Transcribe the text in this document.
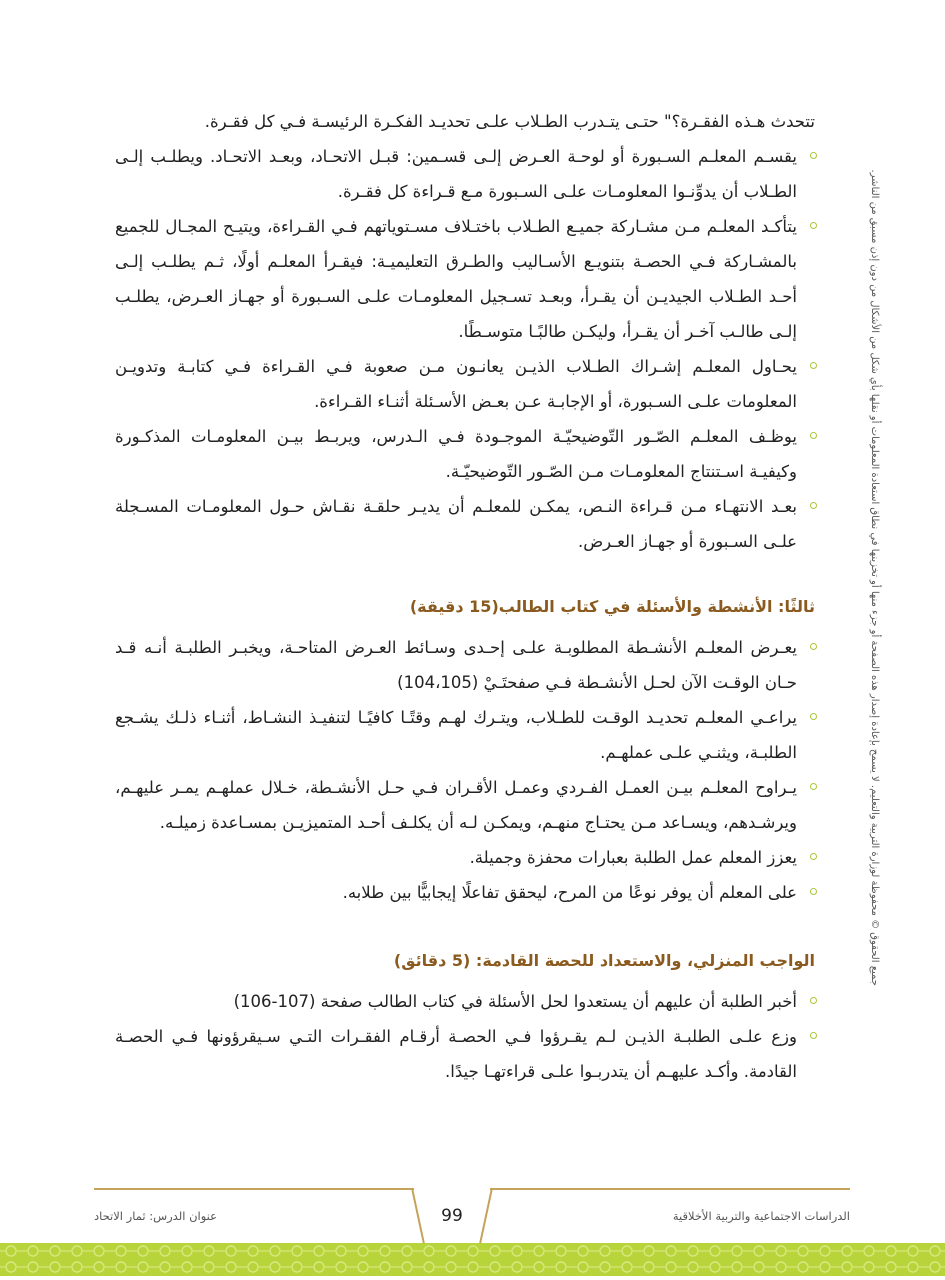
جميع الحقوق © محفوظة لوزارة التربية والتعليم. لا يسمح بإعادة إصدار هذه الصفحة أو جزء منها أو تخزينها في نطاق استعادة المعلومات أو نقلها بأي شكل من الأشكال من دون إذن مسبق من الناشر.

تتحدث هـذه الفقـرة؟" حتـى يتـدرب الطـلاب علـى تحديـد الفكـرة الرئيسـة فـي كل فقـرة.

يقسـم المعلـم السـبورة أو لوحـة العـرض إلـى قسـمين: قبـل الاتحـاد، وبعـد الاتحـاد. ويطلـب إلـى الطـلاب أن يدوِّنـوا المعلومـات علـى السـبورة مـع قـراءة كل فقـرة.

يتأكـد المعلـم مـن مشـاركة جميـع الطـلاب باختـلاف مسـتوياتهم فـي القـراءة، ويتيـح المجـال للجميع بالمشـاركة فـي الحصـة بتنويـع الأسـاليب والطـرق التعليميـة: فيقـرأ المعلـم أولًا، ثـم يطلـب إلـى أحـد الطـلاب الجيديـن أن يقـرأ، وبعـد تسـجيل المعلومـات علـى السـبورة أو جهـاز العـرض، يطلـب إلـى طالـب آخـر أن يقـرأ، وليكـن طالبًـا متوسـطًا.

يحـاول المعلـم إشـراك الطـلاب الذيـن يعانـون مـن صعوبة فـي القـراءة فـي كتابـة وتدويـن المعلومات علـى السـبورة، أو الإجابـة عـن بعـض الأسـئلة أثنـاء القـراءة.

يوظـف المعلـم الصّـور التّوضيحيّـة الموجـودة فـي الـدرس، ويربـط بيـن المعلومـات المذكـورة وكيفيـة اسـتنتاج المعلومـات مـن الصّـور التّوضيحيّـة.

بعـد الانتهـاء مـن قـراءة النـص، يمكـن للمعلـم أن يديـر حلقـة نقـاش حـول المعلومـات المسـجلة علـى السـبورة أو جهـاز العـرض.

ثالثًا: الأنشطة والأسئلة في كتاب الطالب(15 دقيقة)

يعـرض المعلـم الأنشـطة المطلوبـة علـى إحـدى وسـائط العـرض المتاحـة، ويخبـر الطلبـة أنـه قـد حـان الوقـت الآن لحـل الأنشـطة فـي صفحتَـيْ (104،105)

يراعـي المعلـم تحديـد الوقـت للطـلاب، ويتـرك لهـم وقتًـا كافيًـا لتنفيـذ النشـاط، أثنـاء ذلـك يشـجع الطلبـة، ويثنـي علـى عملهـم.

يـراوح المعلـم بيـن العمـل الفـردي وعمـل الأقـران فـي حـل الأنشـطة، خـلال عملهـم يمـر عليهـم، ويرشـدهم، ويسـاعد مـن يحتـاج منهـم، ويمكـن لـه أن يكلـف أحـد المتميزيـن بمسـاعدة زميلـه.

يعزز المعلم عمل الطلبة بعبارات محفزة وجميلة.

على المعلم أن يوفر نوعًا من المرح، ليحقق تفاعلًا إيجابيًّا بين طلابه.

الواجب المنزلي، والاستعداد للحصة القادمة: (5 دقائق)

أخبر الطلبة أن عليهم أن يستعدوا لحل الأسئلة في كتاب الطالب صفحة (107-106)

وزع علـى الطلبـة الذيـن لـم يقـرؤوا فـي الحصـة أرقـام الفقـرات التـي سـيقرؤونها فـي الحصـة القادمة. وأكـد عليهـم أن يتدربـوا علـى قراءتهـا جيدًا.

99	الدراسات الاجتماعية والتربية الأخلاقية
عنوان الدرس: ثمار الاتحاد
